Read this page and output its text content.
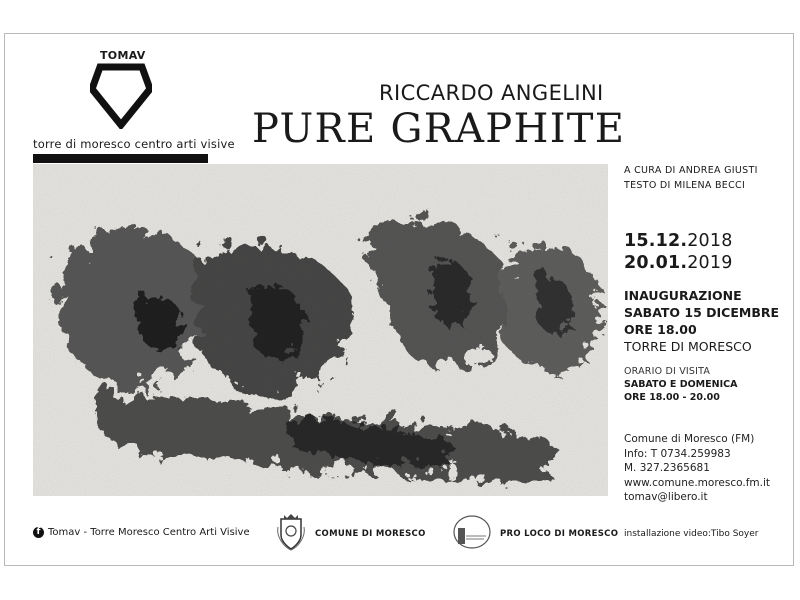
TOMAV
torre di moresco centro arti visive
RICCARDO ANGELINI
PURE GRAPHITE
A CURA DI ANDREA GIUSTI
TESTO DI MILENA BECCI
15.12.2018
20.01.2019
INAUGURAZIONE
SABATO 15 DICEMBRE
ORE 18.00
TORRE DI MORESCO
ORARIO DI VISITA
SABATO E DOMENICA
ORE 18.00 - 20.00
Comune di Moresco (FM)
Info: T 0734.259983
M. 327.2365681
www.comune.moresco.fm.it
tomav@libero.it
f Tomav - Torre Moresco Centro Arti Visive	COMUNE DI MORESCO	PRO LOCO DI MORESCO installazione video:Tibo Soyer
